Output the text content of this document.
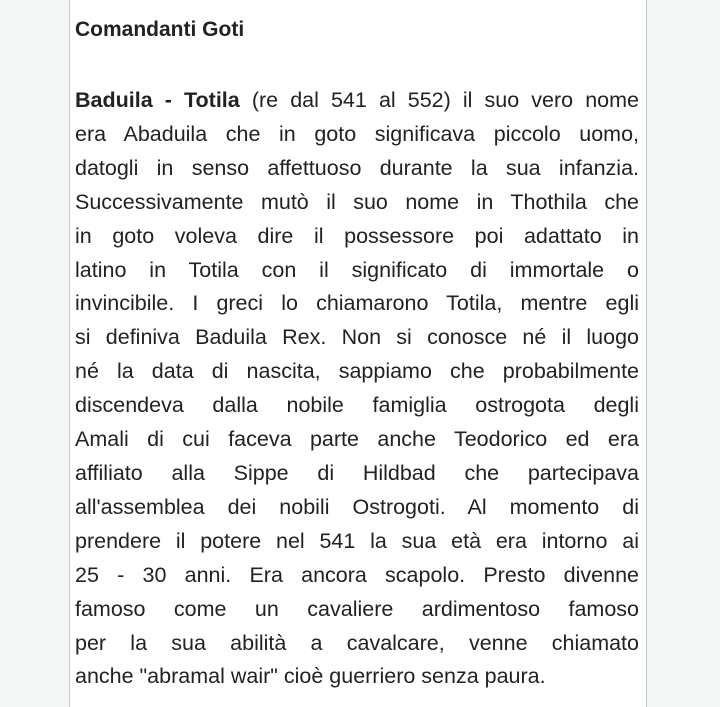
Comandanti Goti
Baduila - Totila (re dal 541 al 552) il suo vero nome
era Abaduila che in goto significava piccolo uomo,
datogli in senso affettuoso durante la sua infanzia.
Successivamente mutò il suo nome in Thothila che
in goto voleva dire il possessore poi adattato in
latino in Totila con il significato di immortale o
invincibile. I greci lo chiamarono Totila, mentre egli
si definiva Baduila Rex. Non si conosce né il luogo
né la data di nascita, sappiamo che probabilmente
discendeva dalla nobile famiglia ostrogota degli
Amali di cui faceva parte anche Teodorico ed era
affiliato alla Sippe di Hildbad che partecipava
all'assemblea dei nobili Ostrogoti. Al momento di
prendere il potere nel 541 la sua età era intorno ai
25 - 30 anni. Era ancora scapolo. Presto divenne
famoso come un cavaliere ardimentoso famoso
per la sua abilità a cavalcare, venne chiamato
anche "abramal wair" cioè guerriero senza paura.
